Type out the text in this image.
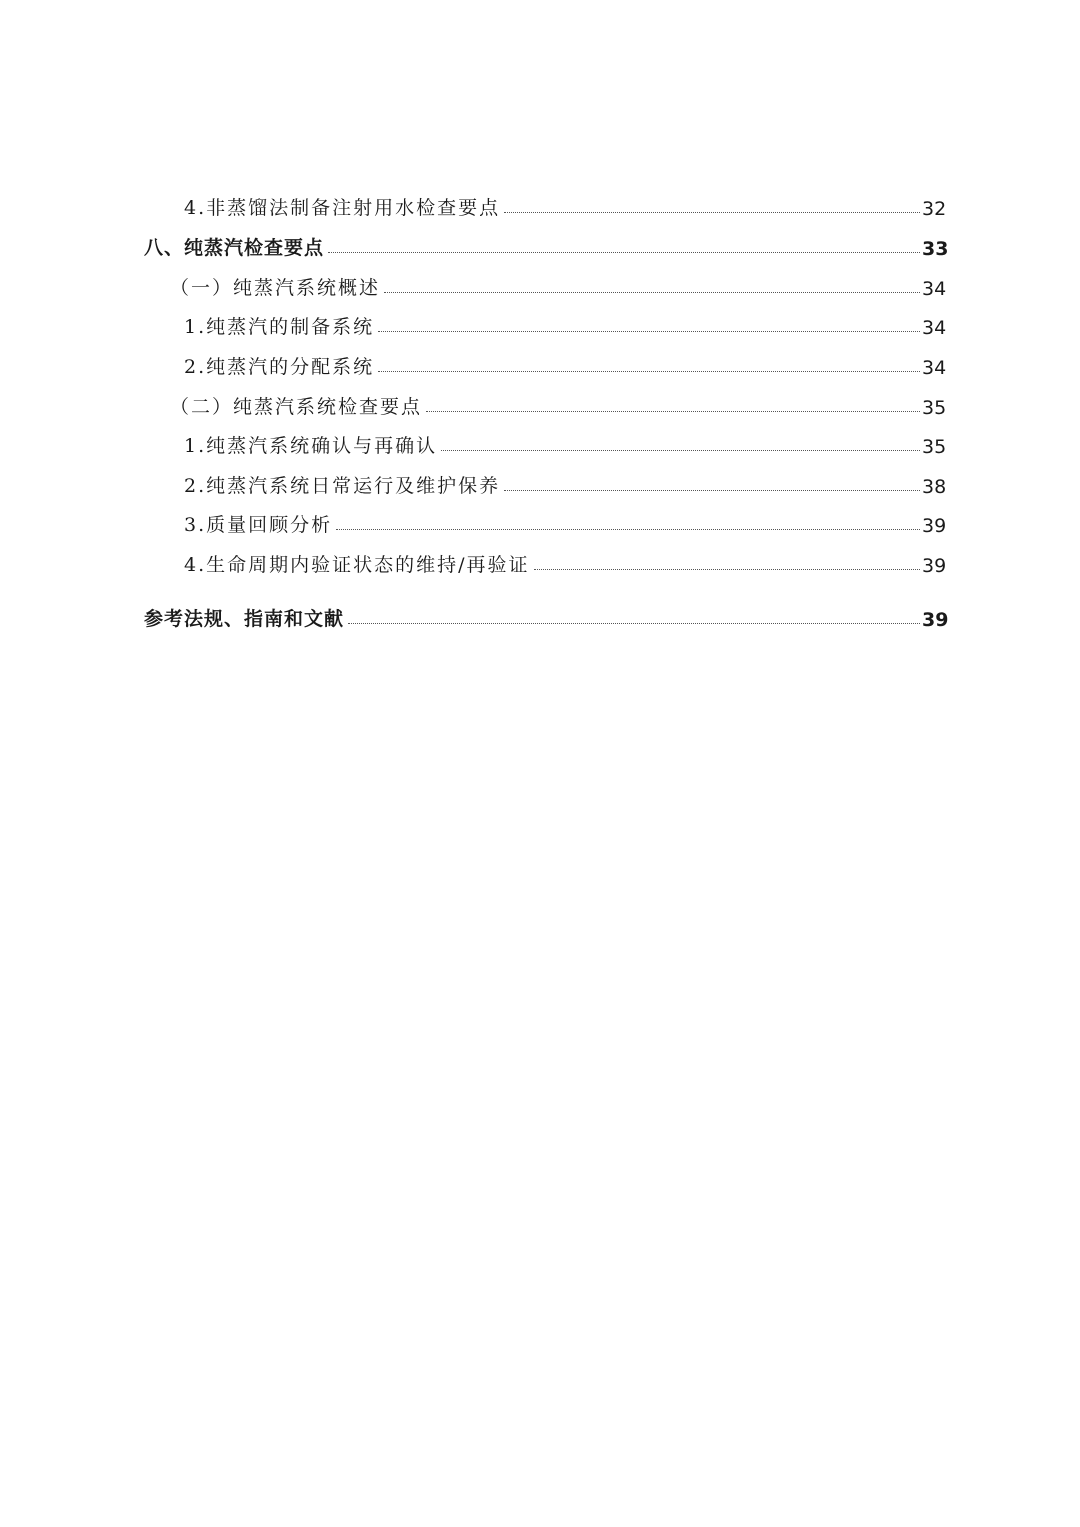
4.非蒸馏法制备注射用水检查要点	32
八、纯蒸汽检查要点	33
（一）纯蒸汽系统概述	34
1.纯蒸汽的制备系统	34
2.纯蒸汽的分配系统	34
（二）纯蒸汽系统检查要点	35
1.纯蒸汽系统确认与再确认	35
2.纯蒸汽系统日常运行及维护保养	38
3.质量回顾分析	39
4.生命周期内验证状态的维持/再验证	39
参考法规、指南和文献	39
